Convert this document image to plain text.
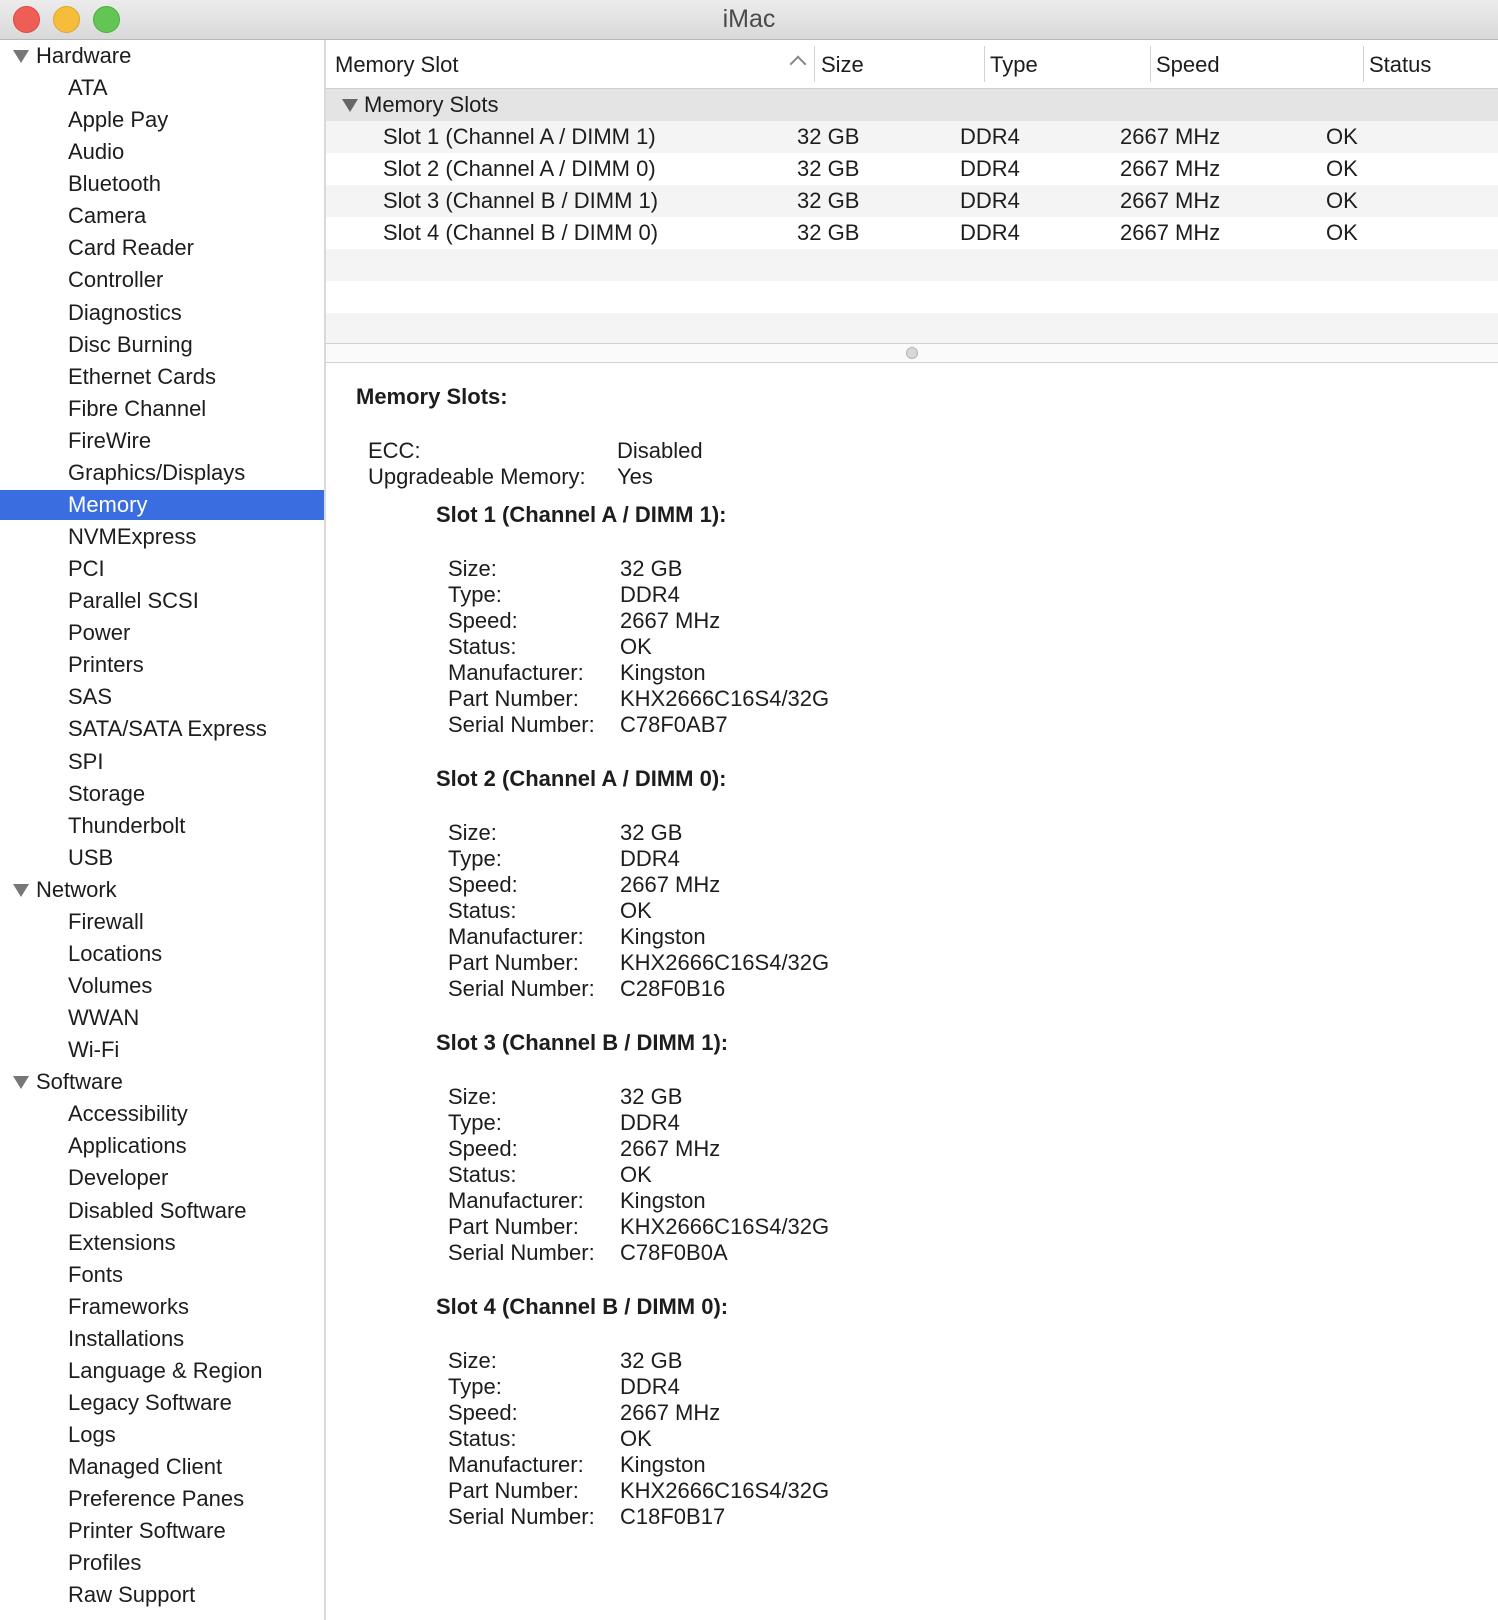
iMac
Hardware
ATA
Apple Pay
Audio
Bluetooth
Camera
Card Reader
Controller
Diagnostics
Disc Burning
Ethernet Cards
Fibre Channel
FireWire
Graphics/Displays
Memory
NVMExpress
PCI
Parallel SCSI
Power
Printers
SAS
SATA/SATA Express
SPI
Storage
Thunderbolt
USB
Network
Firewall
Locations
Volumes
WWAN
Wi-Fi
Software
Accessibility
Applications
Developer
Disabled Software
Extensions
Fonts
Frameworks
Installations
Language & Region
Legacy Software
Logs
Managed Client
Preference Panes
Printer Software
Profiles
Raw Support
Memory Slot	Size	Type	Speed	Status
Memory Slots
Slot 1 (Channel A / DIMM 1)	32 GB	DDR4	2667 MHz	OK
Slot 2 (Channel A / DIMM 0)	32 GB	DDR4	2667 MHz	OK
Slot 3 (Channel B / DIMM 1)	32 GB	DDR4	2667 MHz	OK
Slot 4 (Channel B / DIMM 0)	32 GB	DDR4	2667 MHz	OK
Memory Slots:
ECC:	Disabled
Upgradeable Memory: Yes
Slot 1 (Channel A / DIMM 1):
Size:	32 GB
Type:	DDR4
Speed:	2667 MHz
Status:	OK
Manufacturer: Kingston
Part Number: KHX2666C16S4/32G
Serial Number: C78F0AB7
Slot 2 (Channel A / DIMM 0):
Size:	32 GB
Type:	DDR4
Speed:	2667 MHz
Status:	OK
Manufacturer: Kingston
Part Number: KHX2666C16S4/32G
Serial Number: C28F0B16
Slot 3 (Channel B / DIMM 1):
Size:	32 GB
Type:	DDR4
Speed:	2667 MHz
Status:	OK
Manufacturer: Kingston
Part Number: KHX2666C16S4/32G
Serial Number: C78F0B0A
Slot 4 (Channel B / DIMM 0):
Size:	32 GB
Type:	DDR4
Speed:	2667 MHz
Status:	OK
Manufacturer: Kingston
Part Number: KHX2666C16S4/32G
Serial Number: C18F0B17
